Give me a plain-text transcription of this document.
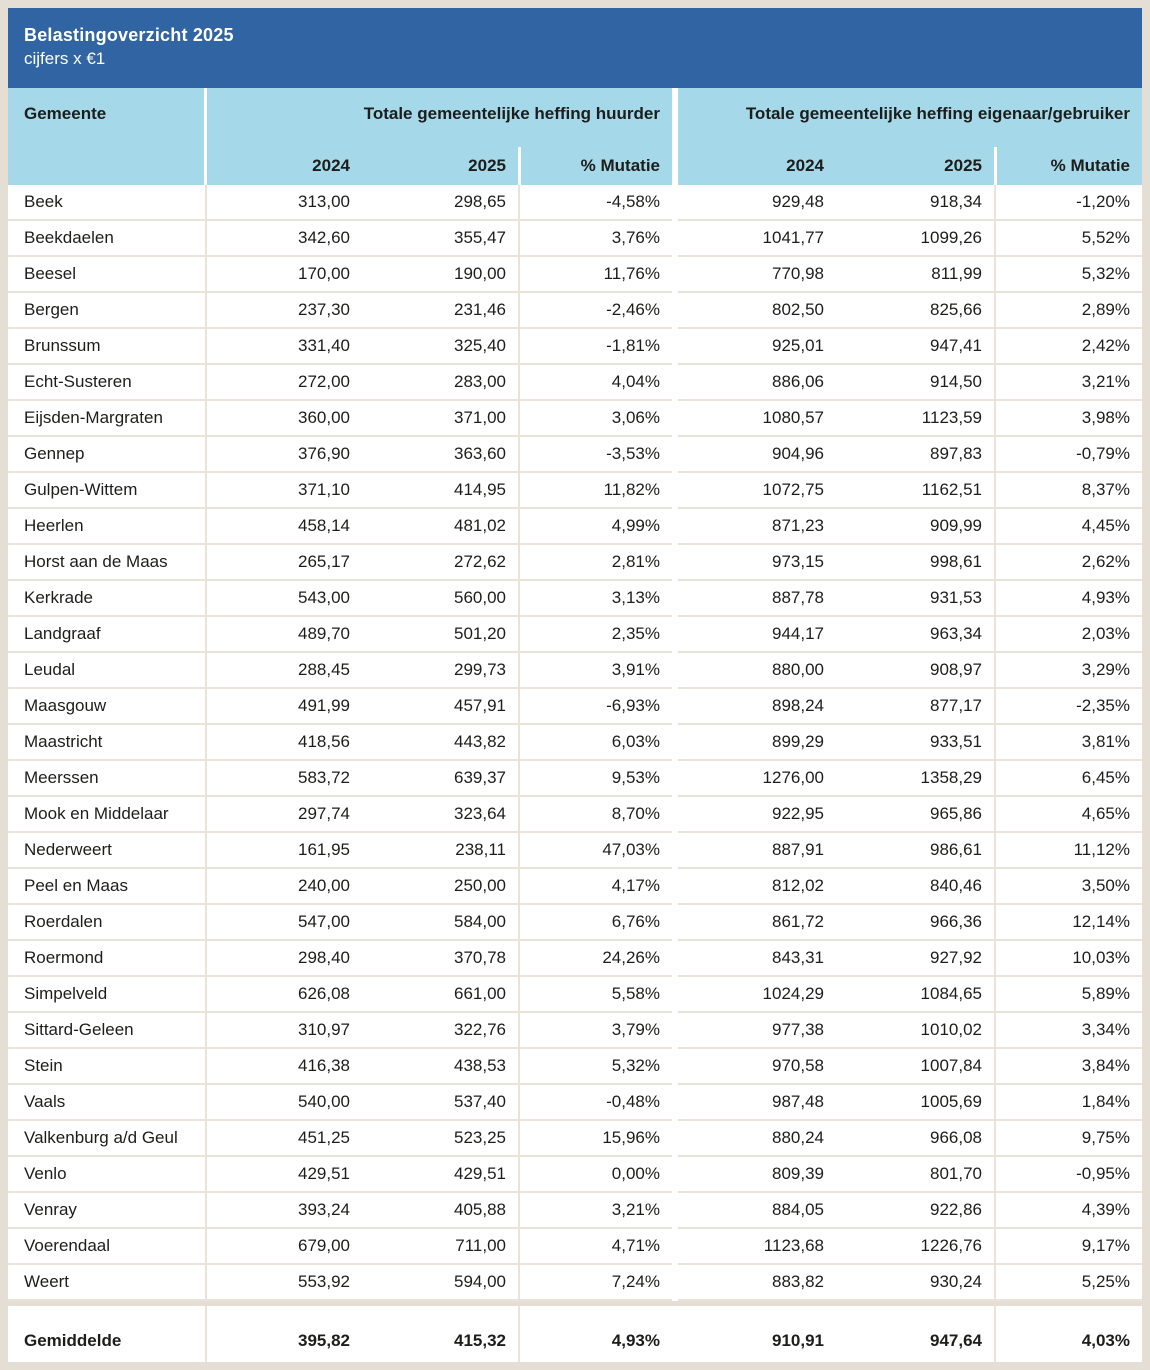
Belastingoverzicht 2025
cijfers x €1
Gemeente	Totale gemeentelijke heffing huurder	Totale gemeentelijke heffing eigenaar/gebruiker
2024	2025	% Mutatie	2024	2025	% Mutatie
Beek	313,00	298,65	-4,58%	929,48	918,34	-1,20%
Beekdaelen	342,60	355,47	3,76%	1041,77	1099,26	5,52%
Beesel	170,00	190,00	11,76%	770,98	811,99	5,32%
Bergen	237,30	231,46	-2,46%	802,50	825,66	2,89%
Brunssum	331,40	325,40	-1,81%	925,01	947,41	2,42%
Echt-Susteren	272,00	283,00	4,04%	886,06	914,50	3,21%
Eijsden-Margraten	360,00	371,00	3,06%	1080,57	1123,59	3,98%
Gennep	376,90	363,60	-3,53%	904,96	897,83	-0,79%
Gulpen-Wittem	371,10	414,95	11,82%	1072,75	1162,51	8,37%
Heerlen	458,14	481,02	4,99%	871,23	909,99	4,45%
Horst aan de Maas	265,17	272,62	2,81%	973,15	998,61	2,62%
Kerkrade	543,00	560,00	3,13%	887,78	931,53	4,93%
Landgraaf	489,70	501,20	2,35%	944,17	963,34	2,03%
Leudal	288,45	299,73	3,91%	880,00	908,97	3,29%
Maasgouw	491,99	457,91	-6,93%	898,24	877,17	-2,35%
Maastricht	418,56	443,82	6,03%	899,29	933,51	3,81%
Meerssen	583,72	639,37	9,53%	1276,00	1358,29	6,45%
Mook en Middelaar	297,74	323,64	8,70%	922,95	965,86	4,65%
Nederweert	161,95	238,11	47,03%	887,91	986,61	11,12%
Peel en Maas	240,00	250,00	4,17%	812,02	840,46	3,50%
Roerdalen	547,00	584,00	6,76%	861,72	966,36	12,14%
Roermond	298,40	370,78	24,26%	843,31	927,92	10,03%
Simpelveld	626,08	661,00	5,58%	1024,29	1084,65	5,89%
Sittard-Geleen	310,97	322,76	3,79%	977,38	1010,02	3,34%
Stein	416,38	438,53	5,32%	970,58	1007,84	3,84%
Vaals	540,00	537,40	-0,48%	987,48	1005,69	1,84%
Valkenburg a/d Geul	451,25	523,25	15,96%	880,24	966,08	9,75%
Venlo	429,51	429,51	0,00%	809,39	801,70	-0,95%
Venray	393,24	405,88	3,21%	884,05	922,86	4,39%
Voerendaal	679,00	711,00	4,71%	1123,68	1226,76	9,17%
Weert	553,92	594,00	7,24%	883,82	930,24	5,25%
Gemiddelde	395,82	415,32	4,93%	910,91	947,64	4,03%
